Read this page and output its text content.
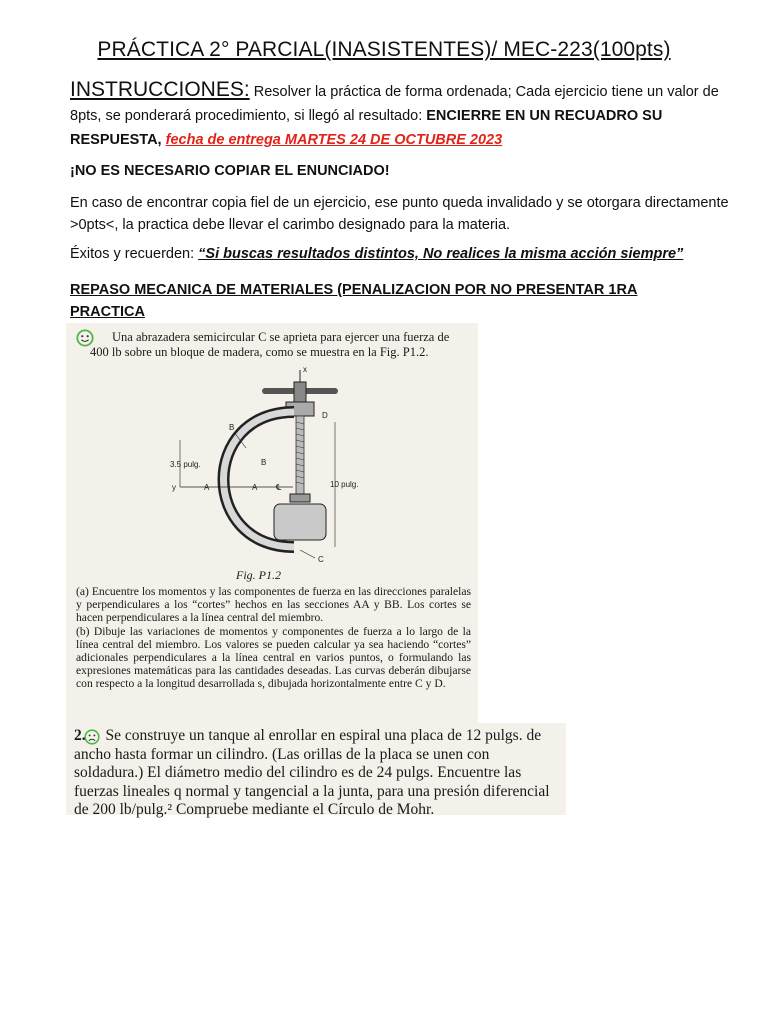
PRÁCTICA 2° PARCIAL(INASISTENTES)/ MEC-223(100pts)
INSTRUCCIONES: Resolver la práctica de forma ordenada; Cada ejercicio tiene un valor de 8pts, se ponderará procedimiento, si llegó al resultado: ENCIERRE EN UN RECUADRO SU RESPUESTA, fecha de entrega MARTES 24 DE OCTUBRE 2023
¡NO ES NECESARIO COPIAR EL ENUNCIADO!
En caso de encontrar copia fiel de un ejercicio, ese punto queda invalidado y se otorgara directamente >0pts<, la practica debe llevar el carimbo designado para la materia.
Éxitos y recuerden: “Si buscas resultados distintos, No realices la misma acción siempre”
REPASO MECANICA DE MATERIALES (PENALIZACION POR NO PRESENTAR 1RA PRACTICA
Una abrazadera semicircular C se aprieta para ejercer una fuerza de 400 lb sobre un bloque de madera, como se muestra en la Fig. P1.2.
x
D
B
B
3.5 pulg.
y	A	A ℄	10 pulg.
C
Fig. P1.2
(a) Encuentre los momentos y las componentes de fuerza en las direcciones paralelas y perpendiculares a los “cortes” hechos en las secciones AA y BB. Los cortes se hacen perpendiculares a la línea central del miembro.
(b) Dibuje las variaciones de momentos y componentes de fuerza a lo largo de la línea central del miembro. Los valores se pueden calcular ya sea haciendo “cortes” adicionales perpendiculares a la línea central en varios puntos, o formulando las expresiones matemáticas para las cantidades deseadas. Las curvas deberán dibujarse con respecto a la longitud desarrollada s, dibujada horizontalmente entre C y D.
2. Se construye un tanque al enrollar en espiral una placa de 12 pulgs. de ancho hasta formar un cilindro. (Las orillas de la placa se unen con soldadura.) El diámetro medio del cilindro es de 24 pulgs. Encuentre las fuerzas lineales q normal y tangencial a la junta, para una presión diferencial de 200 lb/pulg.² Compruebe mediante el Círculo de Mohr.
